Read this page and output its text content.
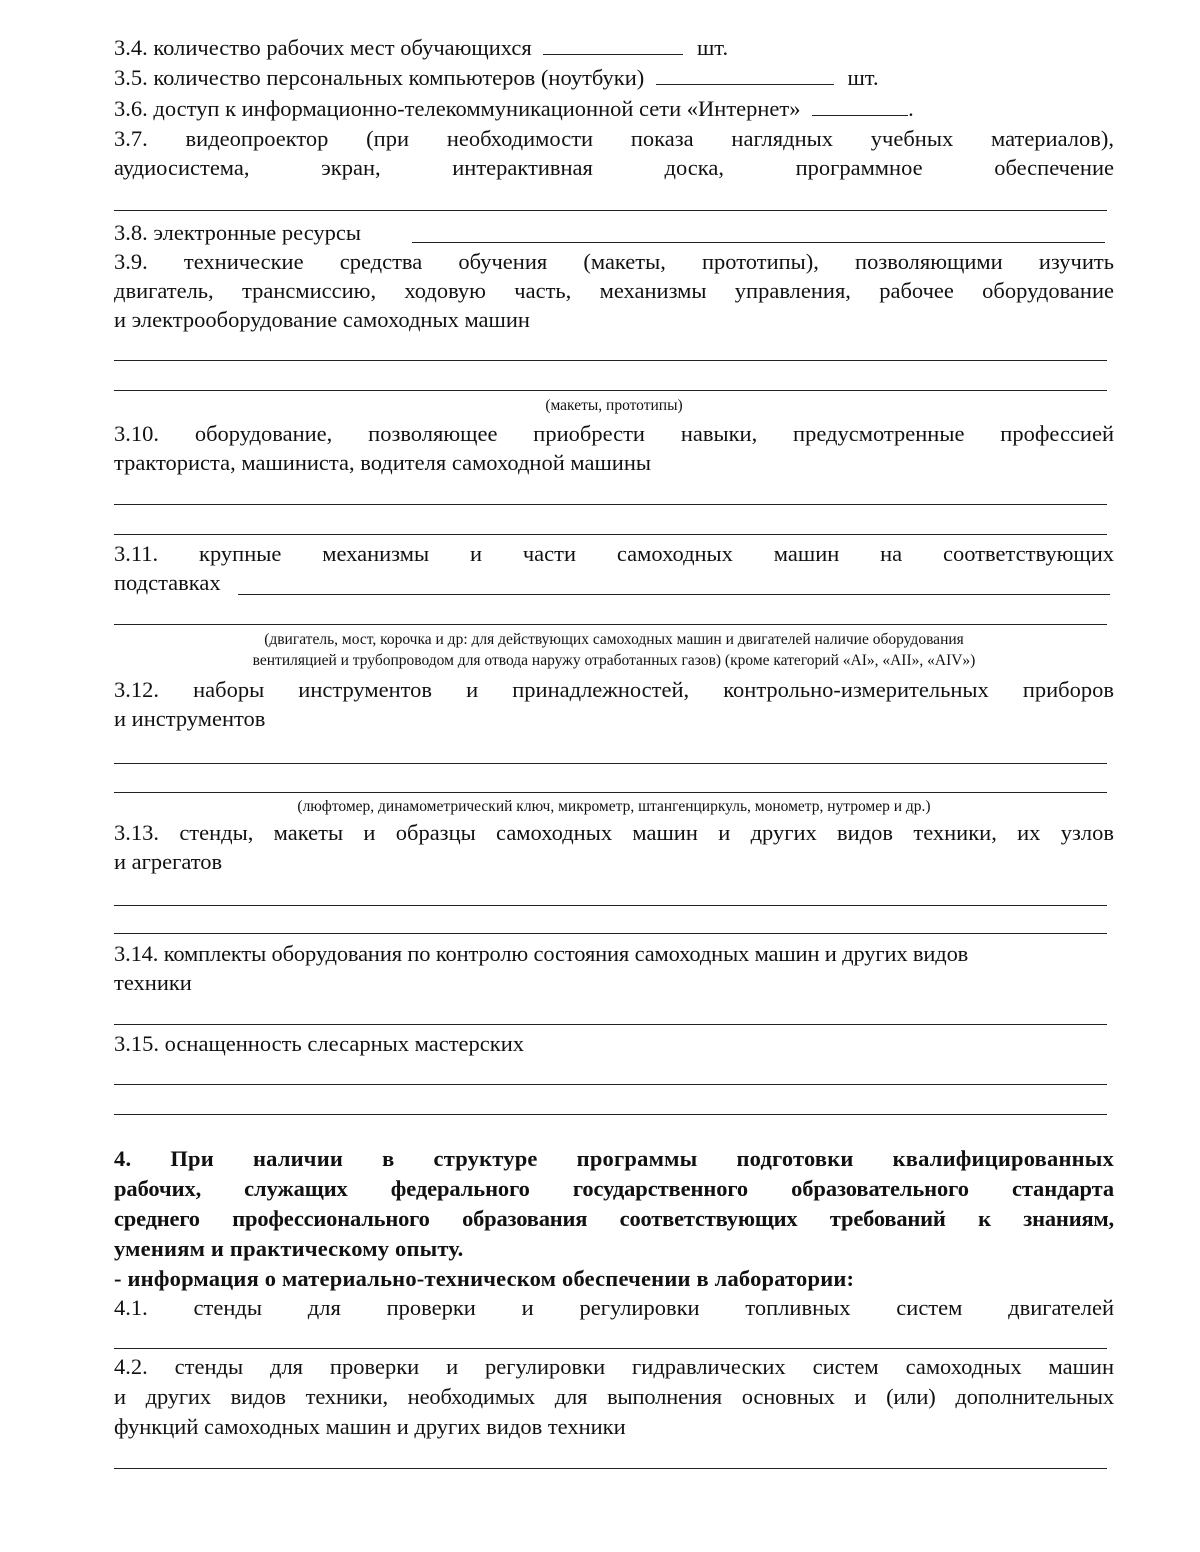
3.4. количество рабочих мест обучающихся	шт.
3.5. количество персональных компьютеров (ноутбуки)	шт.
3.6. доступ к информационно-телекоммуникационной сети «Интернет»	.
3.7. видеопроектор (при необходимости показа наглядных учебных материалов),
аудиосистема, экран, интерактивная доска, программное обеспечение
3.8. электронные ресурсы
3.9. технические средства обучения (макеты, прототипы), позволяющими изучить
двигатель, трансмиссию, ходовую часть, механизмы управления, рабочее оборудование
и электрооборудование самоходных машин
(макеты, прототипы)
3.10. оборудование, позволяющее приобрести навыки, предусмотренные профессией
тракториста, машиниста, водителя самоходной машины
3.11. крупные механизмы и части самоходных машин на соответствующих
подставках
(двигатель, мост, корочка и др: для действующих самоходных машин и двигателей наличие оборудования
вентиляцией и трубопроводом для отвода наружу отработанных газов) (кроме категорий «AI», «AII», «AIV»)
3.12. наборы инструментов и принадлежностей, контрольно-измерительных приборов
и инструментов
(люфтомер, динамометрический ключ, микрометр, штангенциркуль, монометр, нутромер и др.)
3.13. стенды, макеты и образцы самоходных машин и других видов техники, их узлов
и агрегатов
3.14. комплекты оборудования по контролю состояния самоходных машин и других видов
техники
3.15. оснащенность слесарных мастерских
4. При наличии в структуре программы подготовки квалифицированных
рабочих, служащих федерального государственного образовательного стандарта
среднего профессионального образования соответствующих требований к знаниям,
умениям и практическому опыту.
- информация о материально-техническом обеспечении в лаборатории:
4.1. стенды для проверки и регулировки топливных систем двигателей
4.2. стенды для проверки и регулировки гидравлических систем самоходных машин
и других видов техники, необходимых для выполнения основных и (или) дополнительных
функций самоходных машин и других видов техники
